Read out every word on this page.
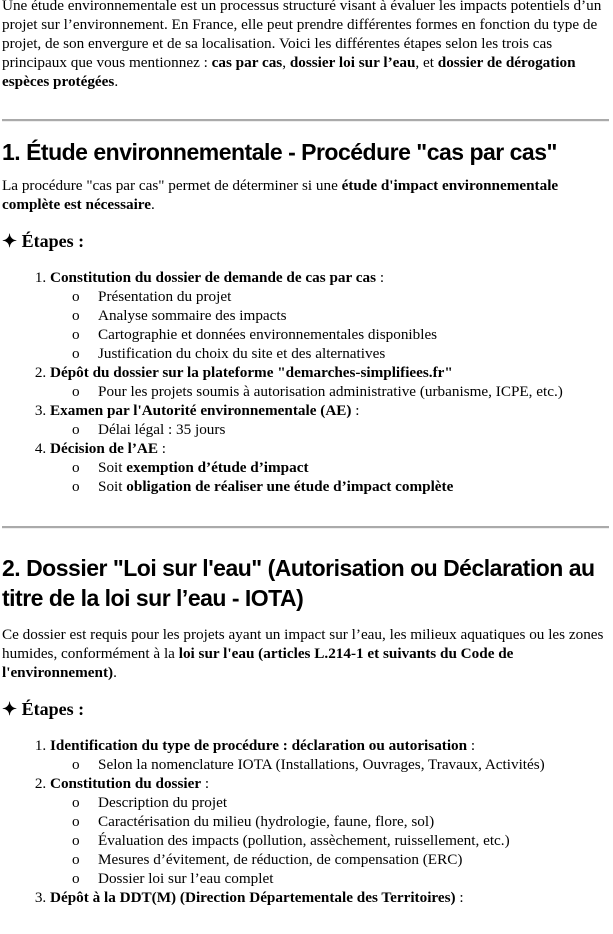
Une étude environnementale est un processus structuré visant à évaluer les impacts potentiels d’un projet sur l’environnement. En France, elle peut prendre différentes formes en fonction du type de projet, de son envergure et de sa localisation. Voici les différentes étapes selon les trois cas principaux que vous mentionnez : cas par cas, dossier loi sur l’eau, et dossier de dérogation espèces protégées.

1. Étude environnementale - Procédure "cas par cas"

La procédure "cas par cas" permet de déterminer si une étude d'impact environnementale complète est nécessaire.

✦ Étapes :
1. Constitution du dossier de demande de cas par cas :
o Présentation du projet
o Analyse sommaire des impacts
o Cartographie et données environnementales disponibles
o Justification du choix du site et des alternatives
2. Dépôt du dossier sur la plateforme "demarches-simplifiees.fr"
o Pour les projets soumis à autorisation administrative (urbanisme, ICPE, etc.)
3. Examen par l'Autorité environnementale (AE) :
o Délai légal : 35 jours
4. Décision de l’AE :
o Soit exemption d’étude d’impact
o Soit obligation de réaliser une étude d’impact complète
2. Dossier "Loi sur l'eau" (Autorisation ou Déclaration au titre de la loi sur l’eau - IOTA)

Ce dossier est requis pour les projets ayant un impact sur l’eau, les milieux aquatiques ou les zones humides, conformément à la loi sur l'eau (articles L.214-1 et suivants du Code de l'environnement).

✦ Étapes :
1. Identification du type de procédure : déclaration ou autorisation :
o Selon la nomenclature IOTA (Installations, Ouvrages, Travaux, Activités)
2. Constitution du dossier :
o Description du projet
o Caractérisation du milieu (hydrologie, faune, flore, sol)
o Évaluation des impacts (pollution, assèchement, ruissellement, etc.)
o Mesures d’évitement, de réduction, de compensation (ERC)
o Dossier loi sur l’eau complet
3. Dépôt à la DDT(M) (Direction Départementale des Territoires) :
